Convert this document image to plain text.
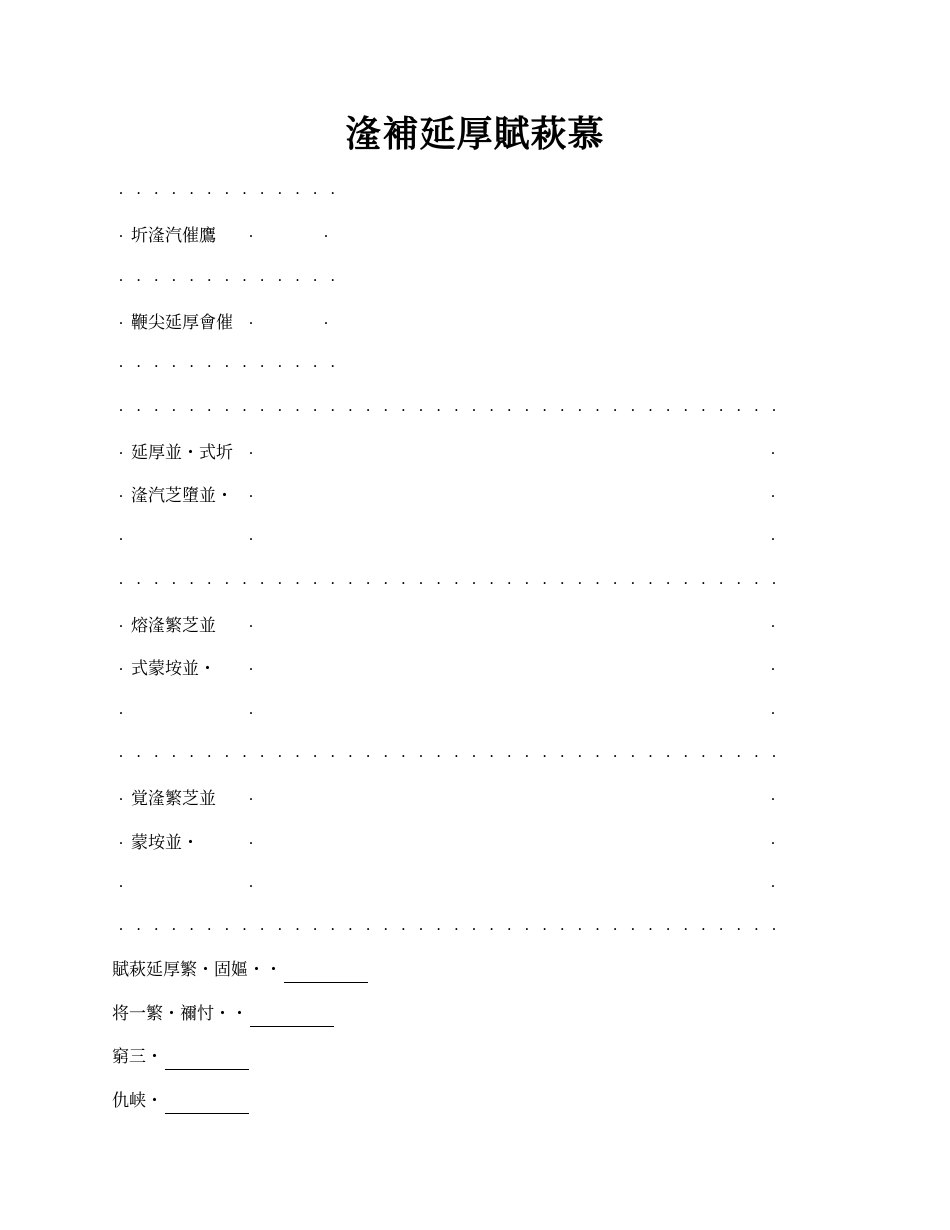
湰補延厚賦萩慕
· · · · · · · · · · · · ·
· 圻湰汽催鷹 ·	·
· · · · · · · · · · · · ·
· 鞭尖延厚會催 ·	·
· · · · · · · · · · · · ·
· · · · · · · · · · · · · · · · · · · · · · · · · · · · · · · · · · · · · ·
· 延厚並・式圻 ·	·
· 湰汽芝墮並・ ·	·
·	·	·
· · · · · · · · · · · · · · · · · · · · · · · · · · · · · · · · · · · · · ·
· 熔湰繁芝並 ·	·
· 式蒙垵並・ ·	·
·	·	·
· · · · · · · · · · · · · · · · · · · · · · · · · · · · · · · · · · · · · ·
· 覚湰繁芝並 ·	·
· 蒙垵並・	·	·
·	·	·
· · · · · · · · · · · · · · · · · · · · · · · · · · · · · · · · · · · · · ·
賦萩延厚繁・固嫗・・
将一繁・禰忖・・
窮三・
仇峡・
